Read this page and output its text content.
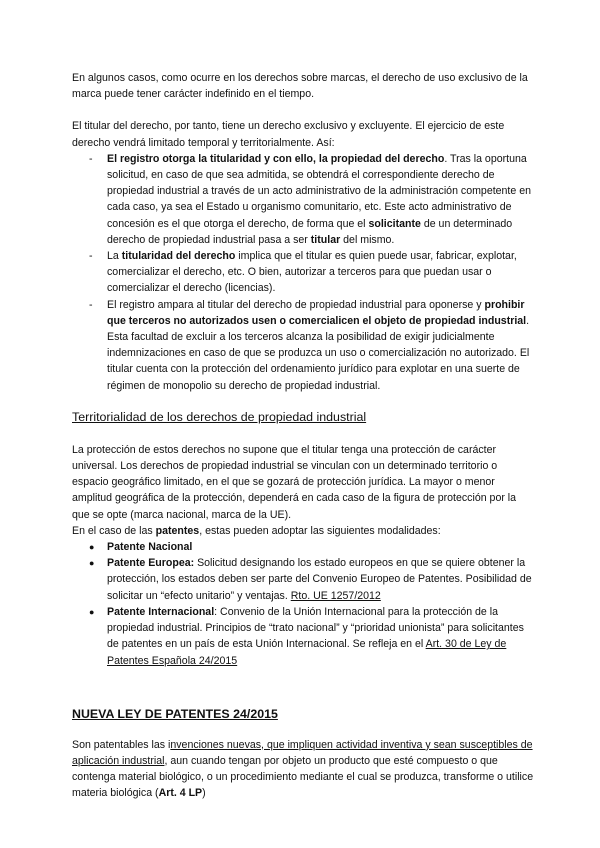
En algunos casos, como ocurre en los derechos sobre marcas, el derecho de uso exclusivo de la marca puede tener carácter indefinido en el tiempo.

El titular del derecho, por tanto, tiene un derecho exclusivo y excluyente. El ejercicio de este derecho vendrá limitado temporal y territorialmente. Así:

- El registro otorga la titularidad y con ello, la propiedad del derecho. Tras la oportuna solicitud, en caso de que sea admitida, se obtendrá el correspondiente derecho de propiedad industrial a través de un acto administrativo de la administración competente en cada caso, ya sea el Estado u organismo comunitario, etc. Este acto administrativo de concesión es el que otorga el derecho, de forma que el solicitante de un determinado derecho de propiedad industrial pasa a ser titular del mismo.
- La titularidad del derecho implica que el titular es quien puede usar, fabricar, explotar, comercializar el derecho, etc. O bien, autorizar a terceros para que puedan usar o comercializar el derecho (licencias).
- El registro ampara al titular del derecho de propiedad industrial para oponerse y prohibir que terceros no autorizados usen o comercialicen el objeto de propiedad industrial. Esta facultad de excluir a los terceros alcanza la posibilidad de exigir judicialmente indemnizaciones en caso de que se produzca un uso o comercialización no autorizado. El titular cuenta con la protección del ordenamiento jurídico para explotar en una suerte de régimen de monopolio su derecho de propiedad industrial.
Territorialidad de los derechos de propiedad industrial

La protección de estos derechos no supone que el titular tenga una protección de carácter universal. Los derechos de propiedad industrial se vinculan con un determinado territorio o espacio geográfico limitado, en el que se gozará de protección jurídica. La mayor o menor amplitud geográfica de la protección, dependerá en cada caso de la figura de protección por la que se opte (marca nacional, marca de la UE).

En el caso de las patentes, estas pueden adoptar las siguientes modalidades:

● Patente Nacional
● Patente Europea: Solicitud designando los estado europeos en que se quiere obtener la protección, los estados deben ser parte del Convenio Europeo de Patentes. Posibilidad de solicitar un “efecto unitario” y ventajas. Rto. UE 1257/2012
● Patente Internacional: Convenio de la Unión Internacional para la protección de la propiedad industrial. Principios de “trato nacional” y “prioridad unionista” para solicitantes de patentes en un país de esta Unión Internacional. Se refleja en el Art. 30 de Ley de Patentes Española 24/2015
NUEVA LEY DE PATENTES 24/2015

Son patentables las invenciones nuevas, que impliquen actividad inventiva y sean susceptibles de aplicación industrial, aun cuando tengan por objeto un producto que esté compuesto o que contenga material biológico, o un procedimiento mediante el cual se produzca, transforme o utilice materia biológica (Art. 4 LP)
